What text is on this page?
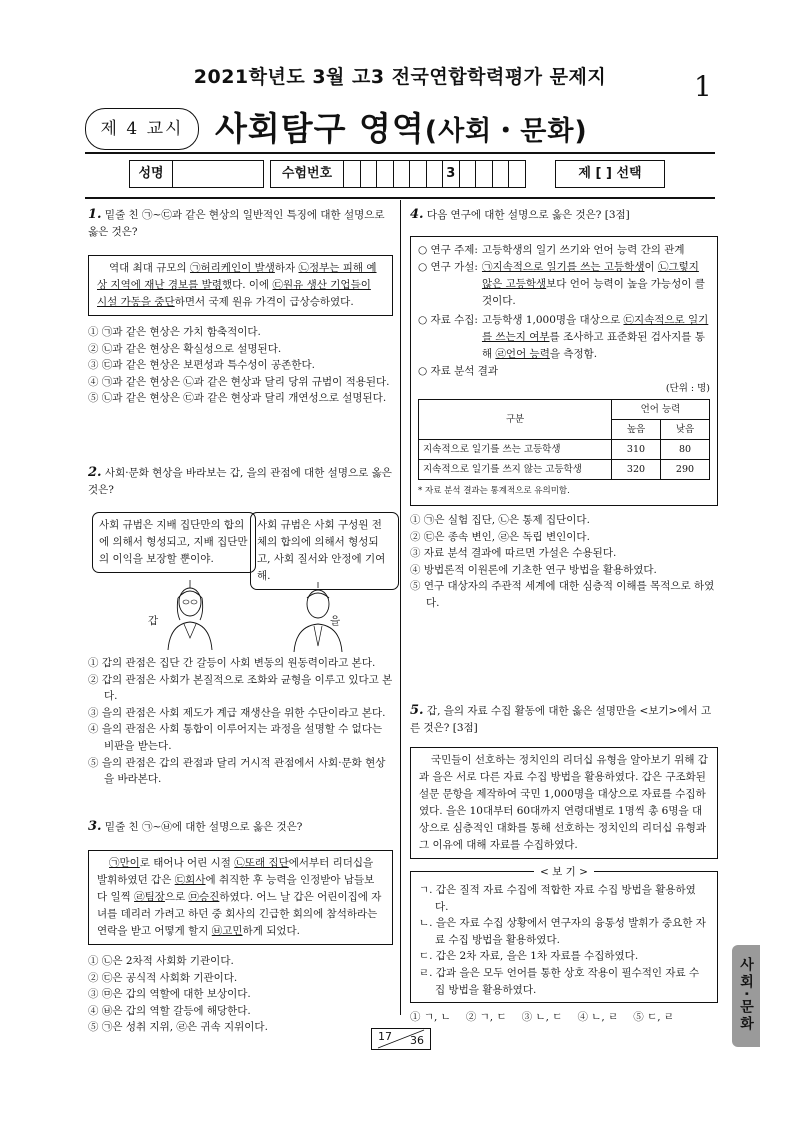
2021학년도 3월 고3 전국연합학력평가 문제지	1
제 4 교시 사회탐구 영역(사회・문화)
성명	수험번호	3	제 [ ] 선택
1. 밑줄 친 ㉠~㉢과 같은 현상의 일반적인 특징에 대한 설명으로 옳은 것은?
역대 최대 규모의 ㉠허리케인이 발생하자 ㉡정부는 피해 예상 지역에 재난 경보를 발령했다. 이에 ㉢원유 생산 기업들이 시설 가동을 중단하면서 국제 원유 가격이 급상승하였다.
① ㉠과 같은 현상은 가치 함축적이다.
② ㉡과 같은 현상은 확실성으로 설명된다.
③ ㉢과 같은 현상은 보편성과 특수성이 공존한다.
④ ㉠과 같은 현상은 ㉡과 같은 현상과 달리 당위 규범이 적용된다.
⑤ ㉡과 같은 현상은 ㉢과 같은 현상과 달리 개연성으로 설명된다.
2. 사회·문화 현상을 바라보는 갑, 을의 관점에 대한 설명으로 옳은 것은?
사회 규범은 지배 집단만의 합의에 의해서 형성되고, 지배 집단만의 이익을 보장할 뿐이야.
사회 규범은 사회 구성원 전체의 합의에 의해서 형성되고, 사회 질서와 안정에 기여해.
갑	을
① 갑의 관점은 집단 간 갈등이 사회 변동의 원동력이라고 본다.
② 갑의 관점은 사회가 본질적으로 조화와 균형을 이루고 있다고 본다.
③ 을의 관점은 사회 제도가 계급 재생산을 위한 수단이라고 본다.
④ 을의 관점은 사회 통합이 이루어지는 과정을 설명할 수 없다는 비판을 받는다.
⑤ 을의 관점은 갑의 관점과 달리 거시적 관점에서 사회·문화 현상을 바라본다.
3. 밑줄 친 ㉠~㉥에 대한 설명으로 옳은 것은?
㉠만이로 태어나 어린 시절 ㉡또래 집단에서부터 리더십을 발휘하였던 갑은 ㉢회사에 취직한 후 능력을 인정받아 남들보다 일찍 ㉣팀장으로 ㉤승진하였다. 어느 날 갑은 어린이집에 자녀를 데리러 가려고 하던 중 회사의 긴급한 회의에 참석하라는 연락을 받고 어떻게 할지 ㉥고민하게 되었다.
① ㉡은 2차적 사회화 기관이다.
② ㉢은 공식적 사회화 기관이다.
③ ㉤은 갑의 역할에 대한 보상이다.
④ ㉥은 갑의 역할 갈등에 해당한다.
⑤ ㉠은 성취 지위, ㉣은 귀속 지위이다.
4. 다음 연구에 대한 설명으로 옳은 것은? [3점]
○ 연구 주제: 고등학생의 일기 쓰기와 언어 능력 간의 관계
○ 연구 가설: ㉠지속적으로 일기를 쓰는 고등학생이 ㉡그렇지 않은 고등학생보다 언어 능력이 높을 가능성이 클 것이다.
○ 자료 수집: 고등학생 1,000명을 대상으로 ㉢지속적으로 일기를 쓰는지 여부를 조사하고 표준화된 검사지를 통해 ㉣언어 능력을 측정함.
○ 자료 분석 결과
(단위 : 명)
구분	언어 능력	
	높음	낮음
지속적으로 일기를 쓰는 고등학생	310	80
지속적으로 일기를 쓰지 않는 고등학생	320	290
* 자료 분석 결과는 통계적으로 유의미함.
① ㉠은 실험 집단, ㉡은 통제 집단이다.
② ㉢은 종속 변인, ㉣은 독립 변인이다.
③ 자료 분석 결과에 따르면 가설은 수용된다.
④ 방법론적 이원론에 기초한 연구 방법을 활용하였다.
⑤ 연구 대상자의 주관적 세계에 대한 심층적 이해를 목적으로 하였다.
5. 갑, 을의 자료 수집 활동에 대한 옳은 설명만을 <보기>에서 고른 것은? [3점]
국민들이 선호하는 정치인의 리더십 유형을 알아보기 위해 갑과 을은 서로 다른 자료 수집 방법을 활용하였다. 갑은 구조화된 설문 문항을 제작하여 국민 1,000명을 대상으로 자료를 수집하였다. 을은 10대부터 60대까지 연령대별로 1명씩 총 6명을 대상으로 심층적인 대화를 통해 선호하는 정치인의 리더십 유형과 그 이유에 대해 자료를 수집하였다.
< 보 기 >
ㄱ. 갑은 질적 자료 수집에 적합한 자료 수집 방법을 활용하였다.
ㄴ. 을은 자료 수집 상황에서 연구자의 융통성 발휘가 중요한 자료 수집 방법을 활용하였다.
ㄷ. 갑은 2차 자료, 을은 1차 자료를 수집하였다.
ㄹ. 갑과 을은 모두 언어를 통한 상호 작용이 필수적인 자료 수집 방법을 활용하였다.
① ㄱ, ㄴ ② ㄱ, ㄷ ③ ㄴ, ㄷ ④ ㄴ, ㄹ ⑤ ㄷ, ㄹ	사회·문화
17 36
